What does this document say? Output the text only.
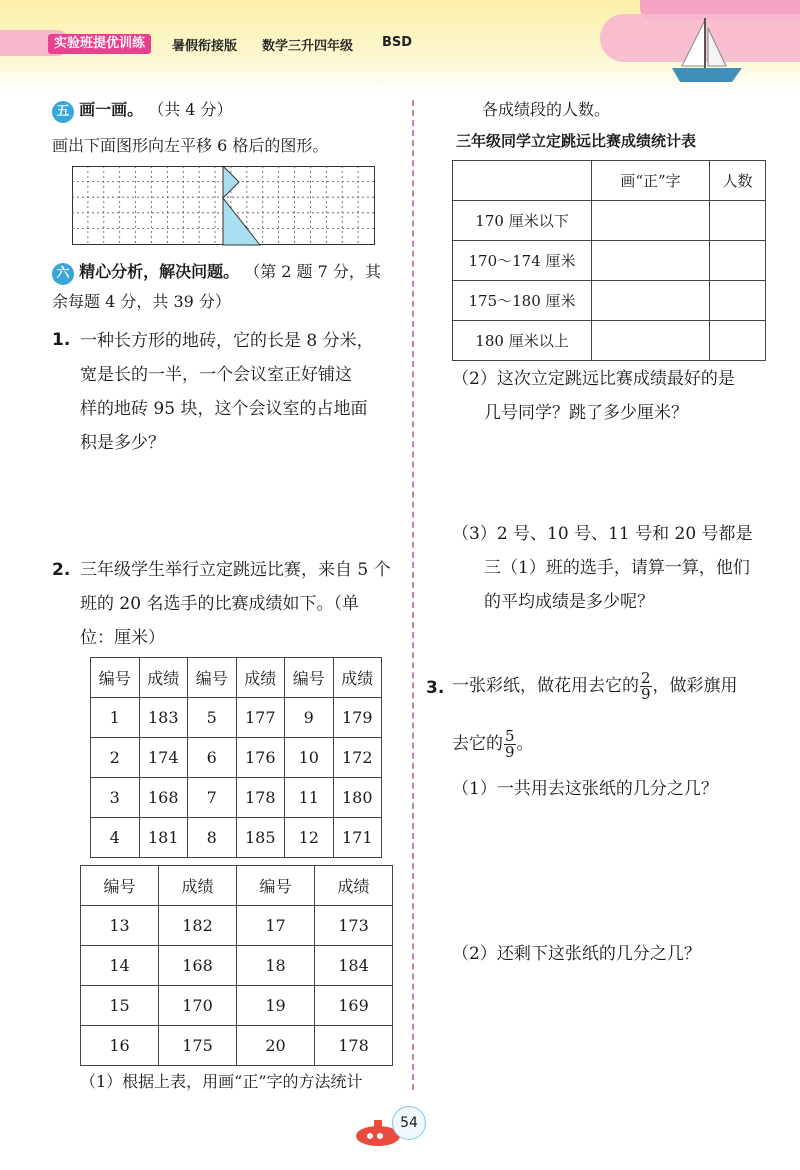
实验班提优训练	暑假衔接版 数学三升四年级 BSD
五 画一画。 （共 4 分）
画出下面图形向左平移 6 格后的图形。
六 精心分析，解决问题。 （第 2 题 7 分，其
余每题 4 分，共 39 分）
1. 一种长方形的地砖，它的长是 8 分米，
宽是长的一半，一个会议室正好铺这
样的地砖 95 块，这个会议室的占地面
积是多少？
2. 三年级学生举行立定跳远比赛，来自 5 个
班的 20 名选手的比赛成绩如下。（单
位：厘米）
编号	成绩	编号	成绩	编号	成绩
1	183	5	177	9	179
2	174	6	176	10	172
3	168	7	178	11	180
4	181	8	185	12	171
编号	成绩	编号	成绩
13	182	17	173
14	168	18	184
15	170	19	169
16	175	20	178
（1）根据上表，用画“正”字的方法统计
各成绩段的人数。
三年级同学立定跳远比赛成绩统计表
	画“正”字	人数
170 厘米以下		
170～174 厘米		
175～180 厘米		
180 厘米以上		
（2）这次立定跳远比赛成绩最好的是
几号同学？跳了多少厘米？
（3）2 号、10 号、11 号和 20 号都是
三（1）班的选手，请算一算，他们
的平均成绩是多少呢？
3. 一张彩纸，做花用去它的 $\frac{2}{9}$ ，做彩旗用
去它的 $\frac{5}{9}$ 。
（1）一共用去这张纸的几分之几？
（2）还剩下这张纸的几分之几？
54
